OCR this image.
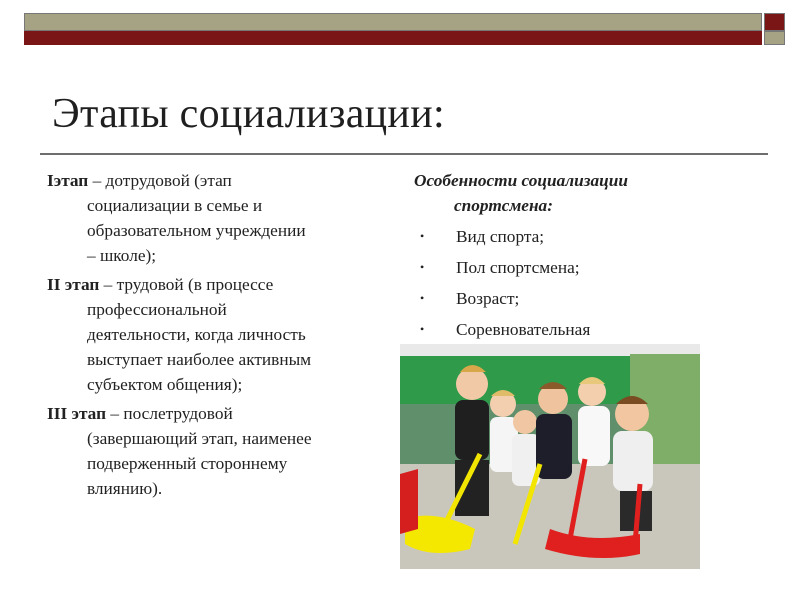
Этапы социализации:

Iэтап – дотрудовой (этап
социализации в семье и
образовательном учреждении
– школе);

II этап – трудовой (в процессе
профессиональной
деятельности, когда личность
выступает наиболее активным
субъектом общения);

III этап – послетрудовой
(завершающий этап, наименее
подверженный стороннему
влиянию).

Особенности социализации
спортсмена:

• Вид спорта;
• Пол спортсмена;
• Возраст;
• Соревновательная
